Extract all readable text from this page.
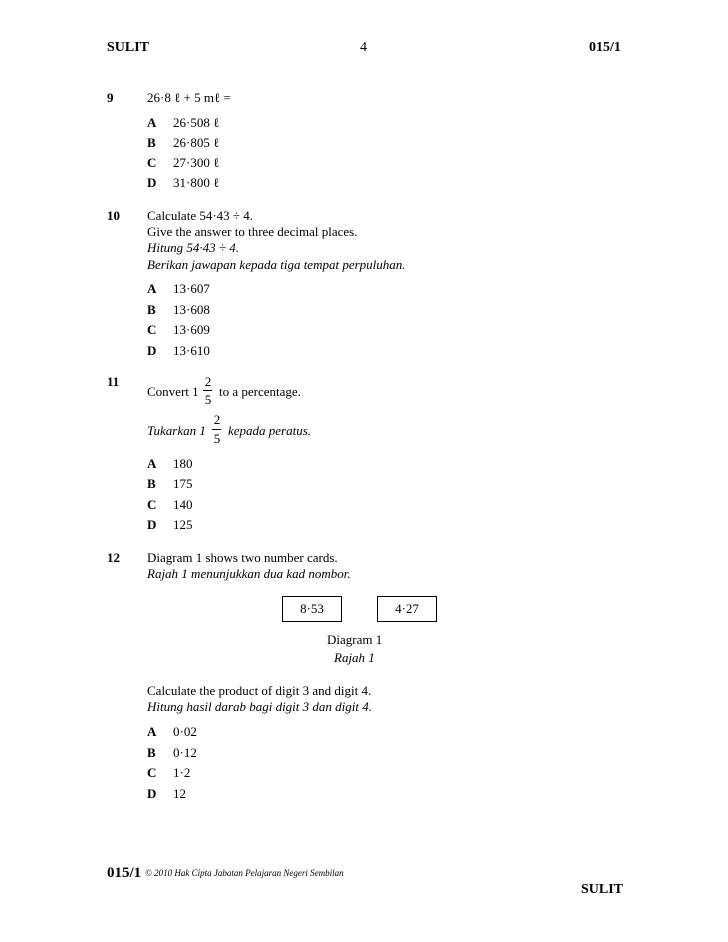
SULIT	4	015/1
9	26·8 ℓ + 5 mℓ =
A 26·508 ℓ
B 26·805 ℓ
C 27·300 ℓ
D 31·800 ℓ
10 Calculate 54·43 ÷ 4.
Give the answer to three decimal places.
Hitung 54·43 ÷ 4.
Berikan jawapan kepada tiga tempat perpuluhan.
A 13·607
B 13·608
C 13·609
D 13·610
11
Convert 1
2
5
to a percentage.
Tukarkan 1
2
5
kepada peratus.
A 180
B 175
C 140
D 125
12 Diagram 1 shows two number cards.
Rajah 1 menunjukkan dua kad nombor.
8·53	4·27
Diagram 1
Rajah 1
Calculate the product of digit 3 and digit 4.
Hitung hasil darab bagi digit 3 dan digit 4.
A 0·02
B 0·12
C 1·2
D 12
015/1 © 2010 Hak Cipta Jabatan Pelajaran Negeri Sembilan
SULIT
